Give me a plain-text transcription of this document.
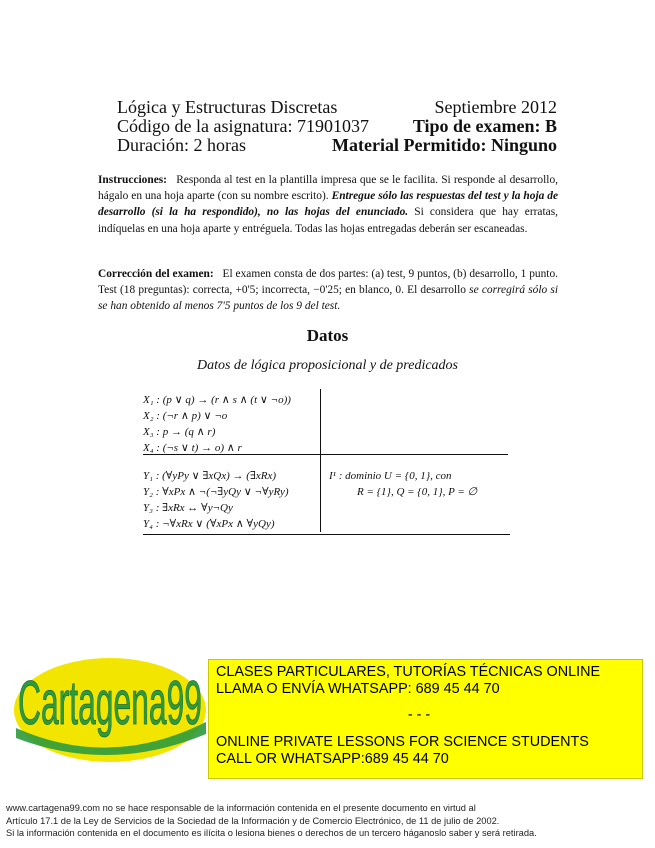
Lógica y Estructuras Discretas	Septiembre 2012
Código de la asignatura: 71901037 Tipo de examen: B
Duración: 2 horas	Material Permitido: Ninguno
Instrucciones: Responda al test en la plantilla impresa que se le facilita. Si responde al desarrollo, hágalo en una hoja aparte (con su nombre escrito). Entregue sólo las respuestas del test y la hoja de desarrollo (si la ha respondido), no las hojas del enunciado. Si considera que hay erratas, indíquelas en una hoja aparte y entréguela. Todas las hojas entregadas deberán ser escaneadas.
Corrección del examen: El examen consta de dos partes: (a) test, 9 puntos, (b) desarrollo, 1 punto. Test (18 preguntas): correcta, +0'5; incorrecta, −0'25; en blanco, 0. El desarrollo se corregirá sólo si se han obtenido al menos 7'5 puntos de los 9 del test.
Datos
Datos de lógica proposicional y de predicados
X₁ : (p ∨ q) → (r ∧ s ∧ (t ∨ ¬o))
X₂ : (¬r ∧ p) ∨ ¬o
X₃ : p → (q ∧ r)
X₄ : (¬s ∨ t) → o) ∧ r
Y₁ : (∀yPy ∨ ∃xQx) → (∃xRx)
Y₂ : ∀xPx ∧ ¬(¬∃yQy ∨ ¬∀yRy)
Y₃ : ∃xRx ↔ ∀y¬Qy
Y₄ : ¬∀xRx ∨ (∀xPx ∧ ∀yQy)
I¹ : dominio U = {0, 1}, con
R = {1}, Q = {0, 1}, P = ∅
Cartagena99 CLASES PARTICULARES, TUTORÍAS TÉCNICAS ONLINE
LLAMA O ENVÍA WHATSAPP: 689 45 44 70
- - -
ONLINE PRIVATE LESSONS FOR SCIENCE STUDENTS
CALL OR WHATSAPP:689 45 44 70
www.cartagena99.com no se hace responsable de la información contenida en el presente documento en virtud al
Artículo 17.1 de la Ley de Servicios de la Sociedad de la Información y de Comercio Electrónico, de 11 de julio de 2002.
Si la información contenida en el documento es ilícita o lesiona bienes o derechos de un tercero háganoslo saber y será retirada.
